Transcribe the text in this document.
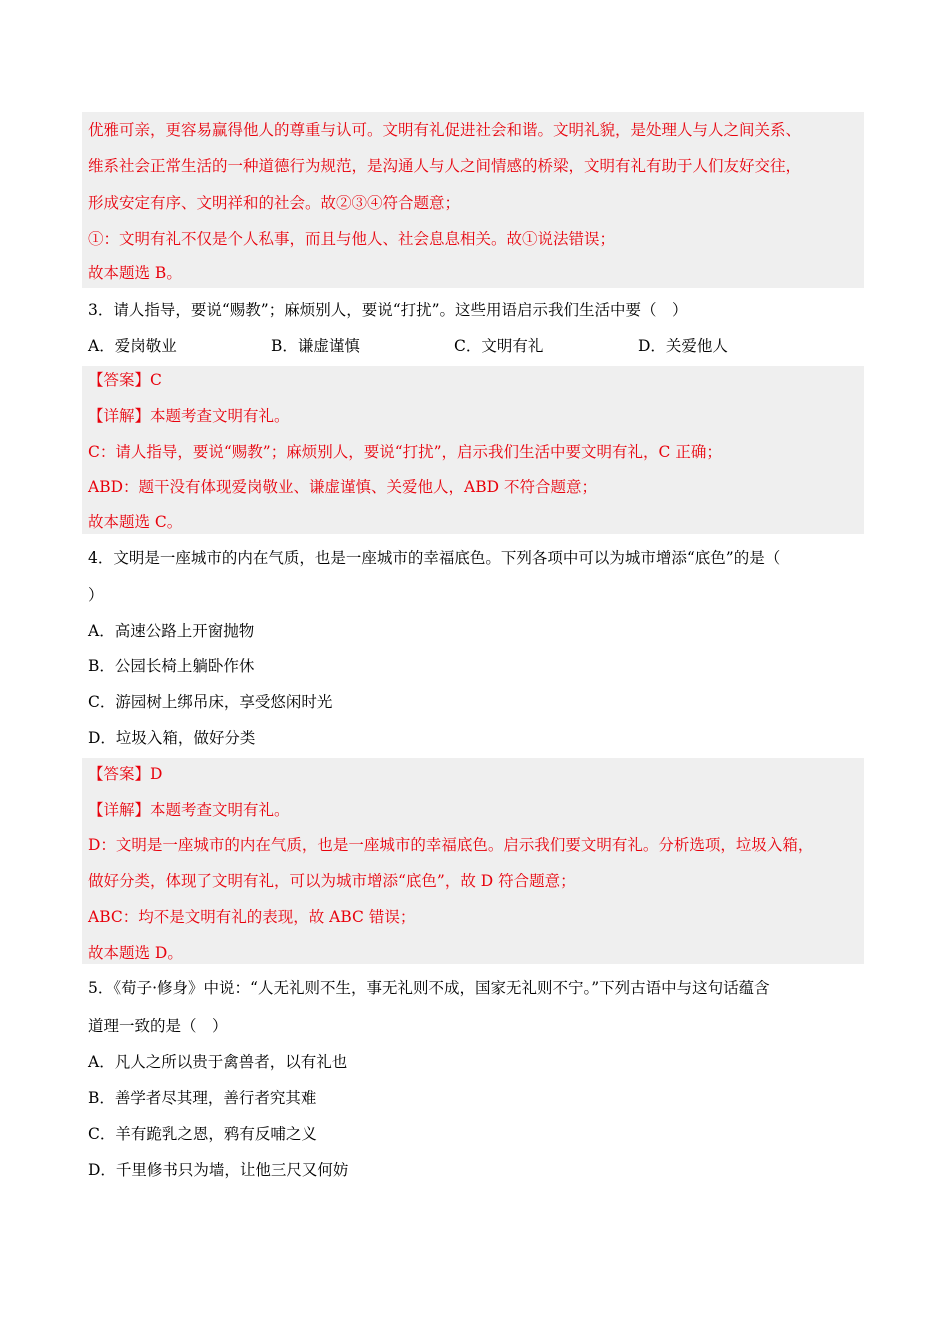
优雅可亲，更容易赢得他人的尊重与认可。文明有礼促进社会和谐。文明礼貌，是处理人与人之间关系、
维系社会正常生活的一种道德行为规范，是沟通人与人之间情感的桥梁，文明有礼有助于人们友好交往，
形成安定有序、文明祥和的社会。故②③④符合题意；
①：文明有礼不仅是个人私事，而且与他人、社会息息相关。故①说法错误；
故本题选 B。
3．请人指导，要说“赐教”；麻烦别人，要说“打扰”。这些用语启示我们生活中要（　）
A．爱岗敬业	B．谦虚谨慎	C．文明有礼	D．关爱他人
【答案】C
【详解】本题考查文明有礼。
C：请人指导，要说“赐教”；麻烦别人，要说“打扰”，启示我们生活中要文明有礼，C 正确；
ABD：题干没有体现爱岗敬业、谦虚谨慎、关爱他人，ABD 不符合题意；
故本题选 C。
4．文明是一座城市的内在气质，也是一座城市的幸福底色。下列各项中可以为城市增添“底色”的是（
）
A．高速公路上开窗抛物
B．公园长椅上躺卧作休
C．游园树上绑吊床，享受悠闲时光
D．垃圾入箱，做好分类
【答案】D
【详解】本题考查文明有礼。
D：文明是一座城市的内在气质，也是一座城市的幸福底色。启示我们要文明有礼。分析选项，垃圾入箱，
做好分类，体现了文明有礼，可以为城市增添“底色”，故 D 符合题意；
ABC：均不是文明有礼的表现，故 ABC 错误；
故本题选 D。
5．《荀子·修身》中说：“人无礼则不生，事无礼则不成，国家无礼则不宁。”下列古语中与这句话蕴含
道理一致的是（　）
A．凡人之所以贵于禽兽者，以有礼也
B．善学者尽其理，善行者究其难
C．羊有跪乳之恩，鸦有反哺之义
D．千里修书只为墙，让他三尺又何妨
